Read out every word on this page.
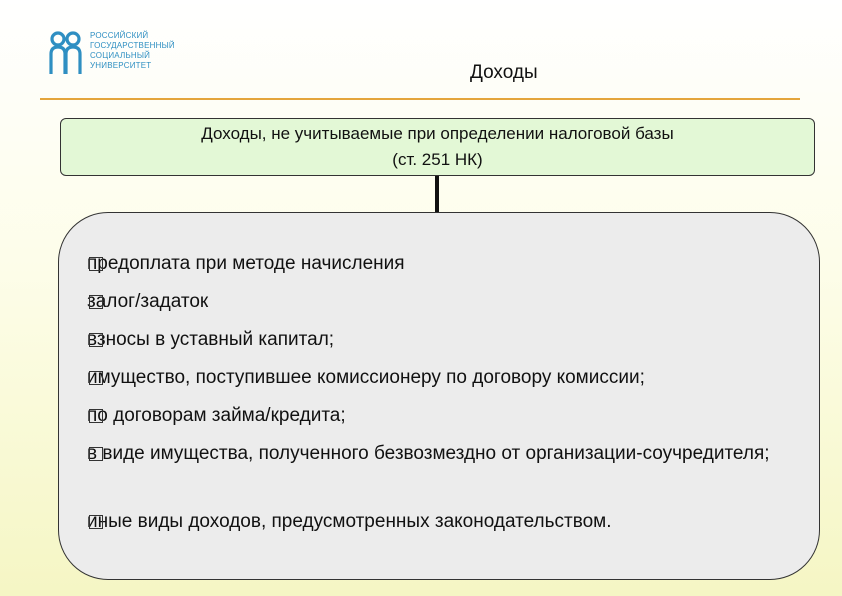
РОССИЙСКИЙ
ГОСУДАРСТВЕННЫЙ
СОЦИАЛЬНЫЙ
УНИВЕРСИТЕТ	Доходы
Доходы, не учитываемые при определении налоговой базы
(ст. 251 НК)
предоплата при методе начисления
залог/задаток
взносы в уставный капитал;
имущество, поступившее комиссионеру по договору комиссии;
по договорам займа/кредита;
в виде имущества, полученного безвозмездно от организации-соучредителя;
иные виды доходов, предусмотренных законодательством.
